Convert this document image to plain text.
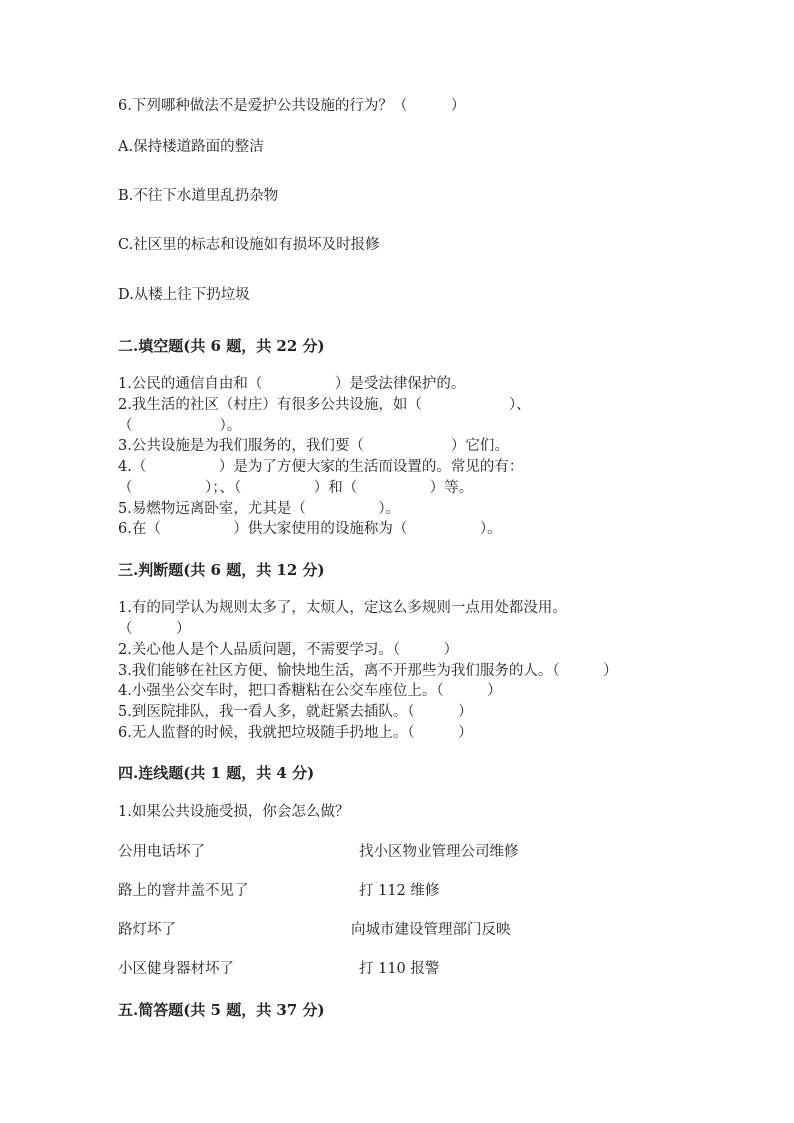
6.下列哪种做法不是爱护公共设施的行为？（　　　）
A.保持楼道路面的整洁
B.不往下水道里乱扔杂物
C.社区里的标志和设施如有损坏及时报修
D.从楼上往下扔垃圾
二.填空题(共 6 题，共 22 分)
1.公民的通信自由和（　　　　　）是受法律保护的。
2.我生活的社区（村庄）有很多公共设施，如（　　　　　　）、
（　　　　　　）。
3.公共设施是为我们服务的，我们要（　　　　　　）它们。
4.（　　　　　）是为了方便大家的生活而设置的。常见的有：
（　　　　　）；、（　　　　　）和（　　　　　）等。
5.易燃物远离卧室，尤其是（　　　　　）。
6.在（　　　　　）供大家使用的设施称为（　　　　　）。
三.判断题(共 6 题，共 12 分)
1.有的同学认为规则太多了，太烦人，定这么多规则一点用处都没用。
（　　　）
2.关心他人是个人品质问题，不需要学习。（　　　）
3.我们能够在社区方便、愉快地生活，离不开那些为我们服务的人。（　　　）
4.小强坐公交车时，把口香糖粘在公交车座位上。（　　　）
5.到医院排队，我一看人多，就赶紧去插队。（　　　）
6.无人监督的时候，我就把垃圾随手扔地上。（　　　）
四.连线题(共 1 题，共 4 分)
1.如果公共设施受损，你会怎么做？
公用电话坏了	找小区物业管理公司维修
路上的窨井盖不见了	打 112 维修
路灯坏了	向城市建设管理部门反映
小区健身器材坏了	打 110 报警
五.简答题(共 5 题，共 37 分)
